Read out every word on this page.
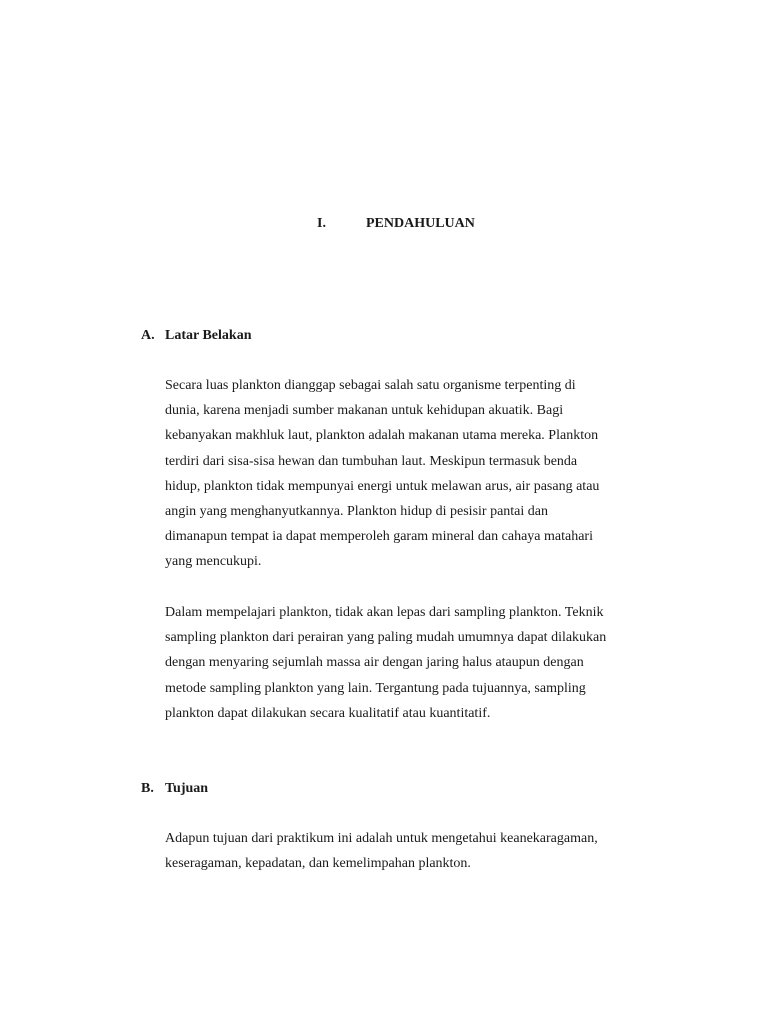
I.	PENDAHULUAN
A. Latar Belakan

Secara luas plankton dianggap sebagai salah satu organisme terpenting di
dunia, karena menjadi sumber makanan untuk kehidupan akuatik. Bagi
kebanyakan makhluk laut, plankton adalah makanan utama mereka. Plankton
terdiri dari sisa-sisa hewan dan tumbuhan laut. Meskipun termasuk benda
hidup, plankton tidak mempunyai energi untuk melawan arus, air pasang atau
angin yang menghanyutkannya. Plankton hidup di pesisir pantai dan
dimanapun tempat ia dapat memperoleh garam mineral dan cahaya matahari
yang mencukupi.

Dalam mempelajari plankton, tidak akan lepas dari sampling plankton. Teknik
sampling plankton dari perairan yang paling mudah umumnya dapat dilakukan
dengan menyaring sejumlah massa air dengan jaring halus ataupun dengan
metode sampling plankton yang lain. Tergantung pada tujuannya, sampling
plankton dapat dilakukan secara kualitatif atau kuantitatif.

B. Tujuan

Adapun tujuan dari praktikum ini adalah untuk mengetahui keanekaragaman,
keseragaman, kepadatan, dan kemelimpahan plankton.
